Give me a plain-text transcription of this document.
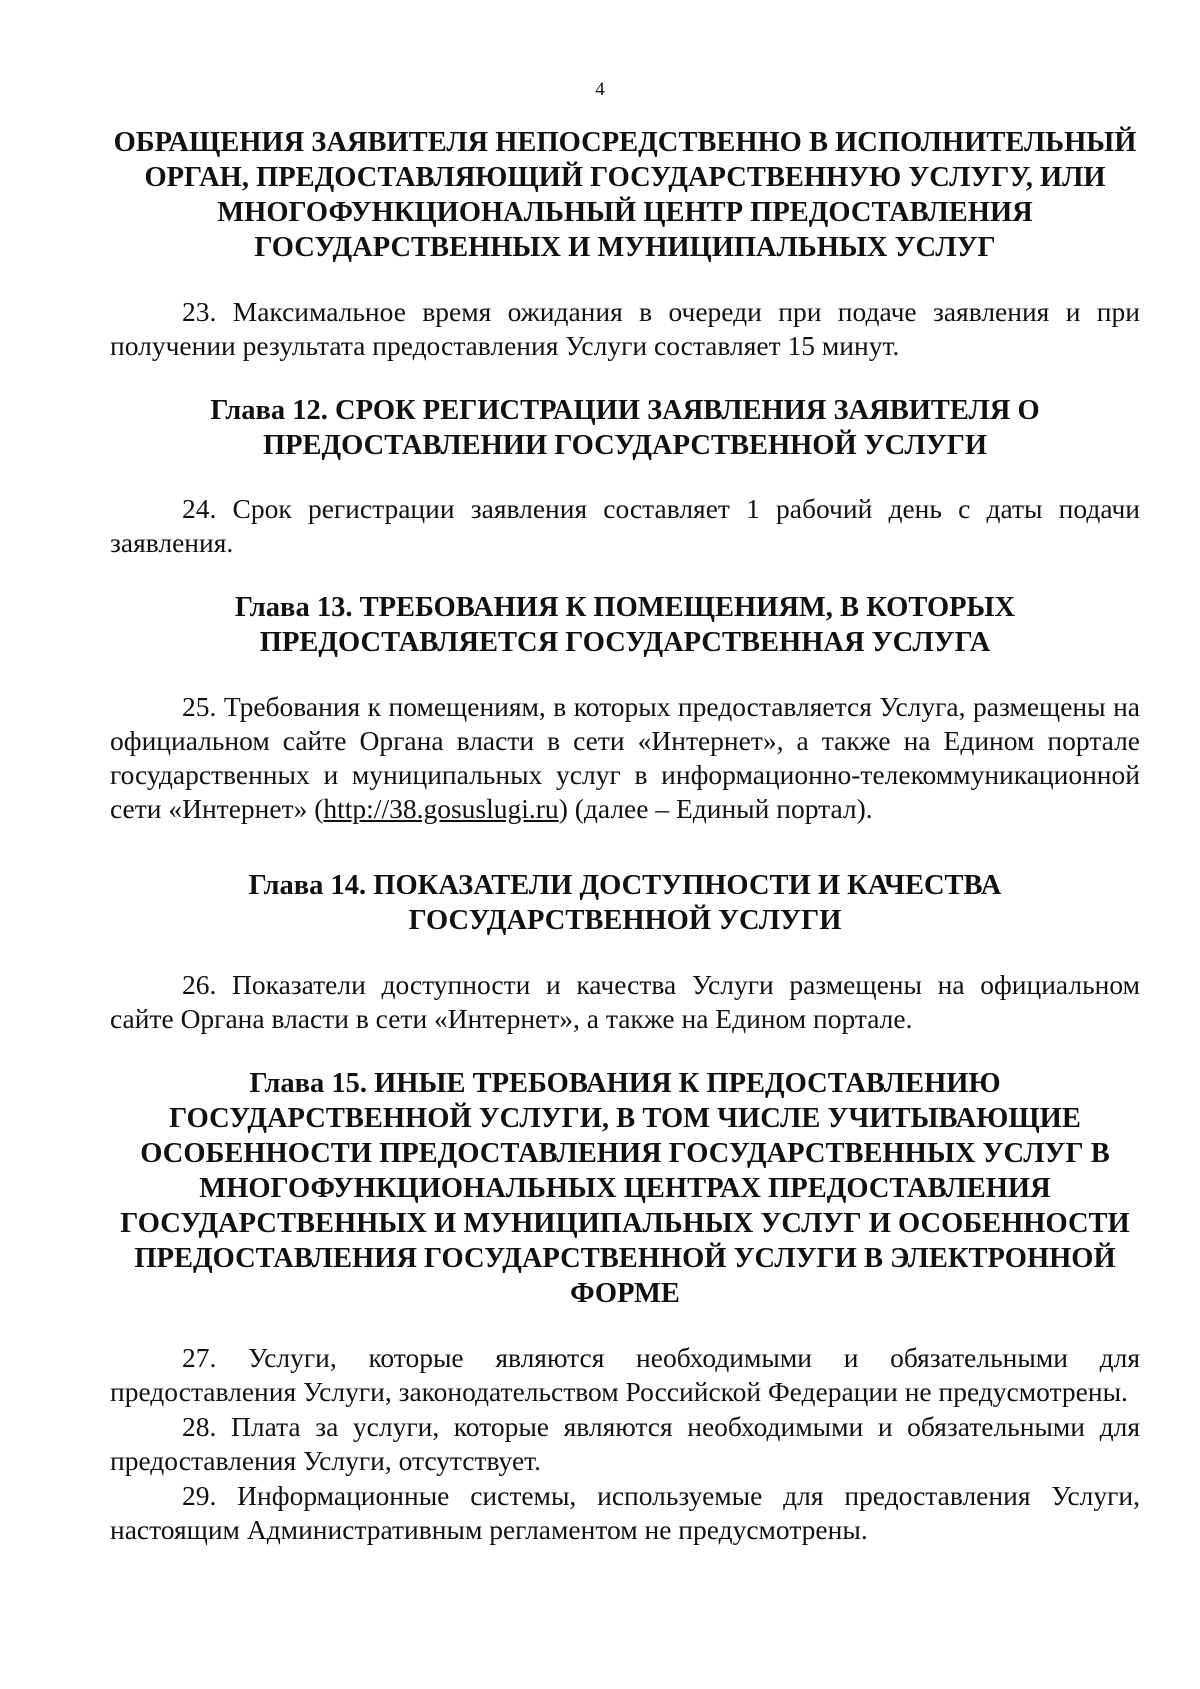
4
ОБРАЩЕНИЯ ЗАЯВИТЕЛЯ НЕПОСРЕДСТВЕННО В ИСПОЛНИТЕЛЬНЫЙ ОРГАН, ПРЕДОСТАВЛЯЮЩИЙ ГОСУДАРСТВЕННУЮ УСЛУГУ, ИЛИ МНОГОФУНКЦИОНАЛЬНЫЙ ЦЕНТР ПРЕДОСТАВЛЕНИЯ ГОСУДАРСТВЕННЫХ И МУНИЦИПАЛЬНЫХ УСЛУГ

23. Максимальное время ожидания в очереди при подаче заявления и при получении результата предоставления Услуги составляет 15 минут.

Глава 12. СРОК РЕГИСТРАЦИИ ЗАЯВЛЕНИЯ ЗАЯВИТЕЛЯ О ПРЕДОСТАВЛЕНИИ ГОСУДАРСТВЕННОЙ УСЛУГИ

24. Срок регистрации заявления составляет 1 рабочий день с даты подачи заявления.

Глава 13. ТРЕБОВАНИЯ К ПОМЕЩЕНИЯМ, В КОТОРЫХ ПРЕДОСТАВЛЯЕТСЯ ГОСУДАРСТВЕННАЯ УСЛУГА

25. Требования к помещениям, в которых предоставляется Услуга, размещены на официальном сайте Органа власти в сети «Интернет», а также на Едином портале государственных и муниципальных услуг в информационно-телекоммуникационной сети «Интернет» (http://38.gosuslugi.ru) (далее – Единый портал).

Глава 14. ПОКАЗАТЕЛИ ДОСТУПНОСТИ И КАЧЕСТВА ГОСУДАРСТВЕННОЙ УСЛУГИ

26. Показатели доступности и качества Услуги размещены на официальном сайте Органа власти в сети «Интернет», а также на Едином портале.

Глава 15. ИНЫЕ ТРЕБОВАНИЯ К ПРЕДОСТАВЛЕНИЮ ГОСУДАРСТВЕННОЙ УСЛУГИ, В ТОМ ЧИСЛЕ УЧИТЫВАЮЩИЕ ОСОБЕННОСТИ ПРЕДОСТАВЛЕНИЯ ГОСУДАРСТВЕННЫХ УСЛУГ В МНОГОФУНКЦИОНАЛЬНЫХ ЦЕНТРАХ ПРЕДОСТАВЛЕНИЯ ГОСУДАРСТВЕННЫХ И МУНИЦИПАЛЬНЫХ УСЛУГ И ОСОБЕННОСТИ ПРЕДОСТАВЛЕНИЯ ГОСУДАРСТВЕННОЙ УСЛУГИ В ЭЛЕКТРОННОЙ ФОРМЕ

27. Услуги, которые являются необходимыми и обязательными для предоставления Услуги, законодательством Российской Федерации не предусмотрены.

28. Плата за услуги, которые являются необходимыми и обязательными для предоставления Услуги, отсутствует.

29. Информационные системы, используемые для предоставления Услуги, настоящим Административным регламентом не предусмотрены.
